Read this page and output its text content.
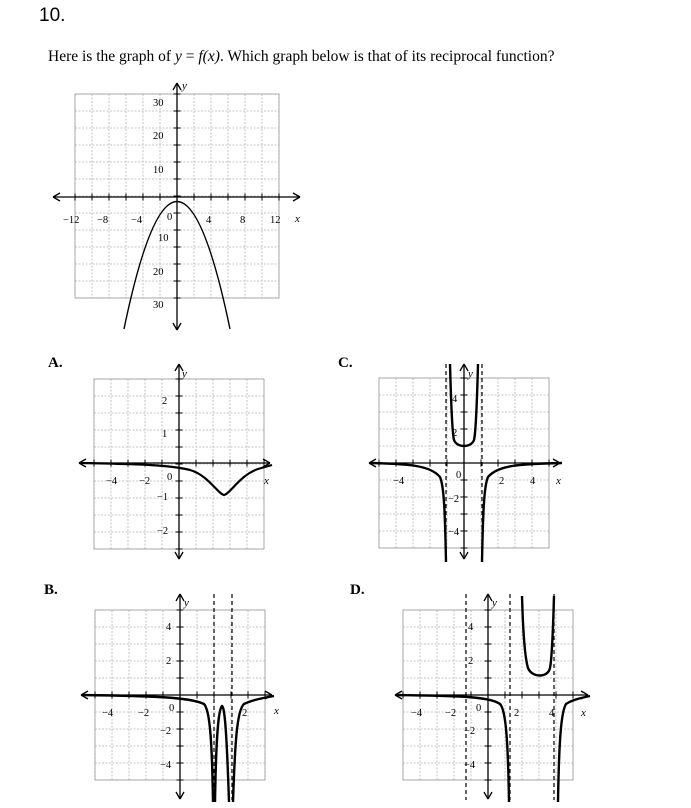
10.
Here is the graph of y = f(x). Which graph below is that of its reciprocal function?
y
x
30
20
10
10
20
30
−12 −8 −4 0	4	8 12
A.
y
x
2
1
−1
−2
−4 −2 0
C.
y
x
4
2
−2
−4
−4
0
2 4
B.
y
x
4
2
−2
−4
−4 −2 0	2
D.
y
x
4
2
−2
−4
−4 −2 0	2	4
